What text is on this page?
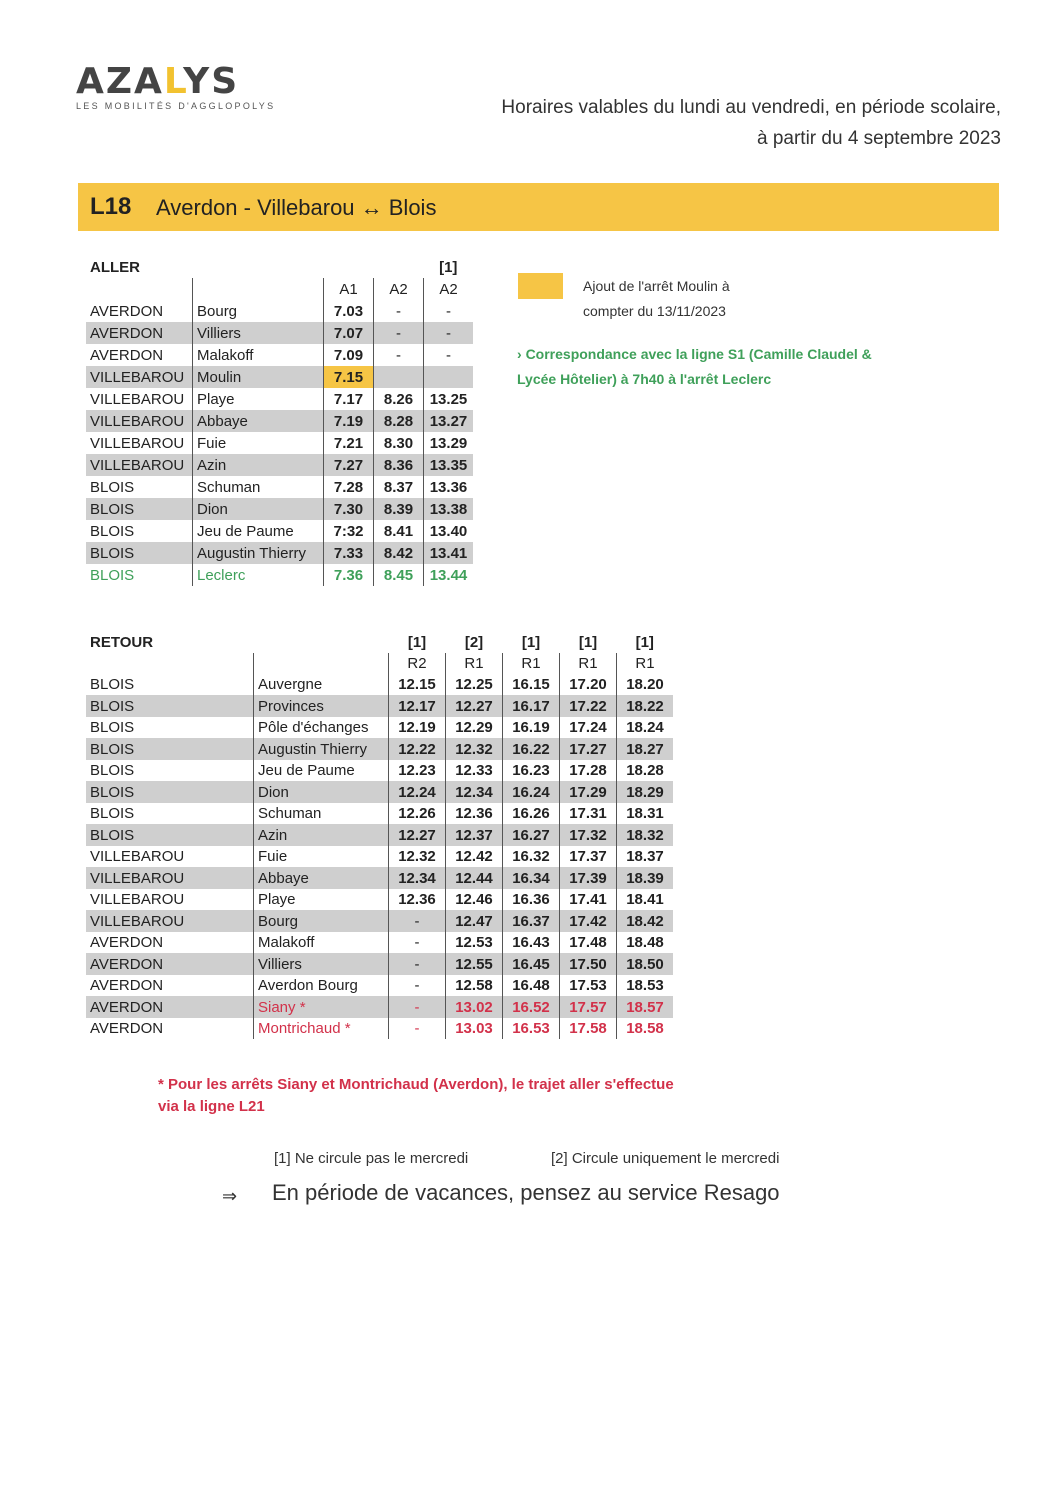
AZALYS
LES MOBILITÉS D'AGGLOPOLYS	Horaires valables du lundi au vendredi, en période scolaire,
à partir du 4 septembre 2023
L18 Averdon - Villebarou ↔ Blois
ALLER				[1]
		A1	A2	A2
AVERDON	Bourg	7.03	-	-
AVERDON	Villiers	7.07	-	-
AVERDON	Malakoff	7.09	-	-
VILLEBAROU	Moulin	7.15		
VILLEBAROU	Playe	7.17	8.26	13.25
VILLEBAROU	Abbaye	7.19	8.28	13.27
VILLEBAROU	Fuie	7.21	8.30	13.29
VILLEBAROU	Azin	7.27	8.36	13.35
BLOIS	Schuman	7.28	8.37	13.36
BLOIS	Dion	7.30	8.39	13.38
BLOIS	Jeu de Paume	7:32	8.41	13.40
BLOIS	Augustin Thierry	7.33	8.42	13.41
BLOIS	Leclerc	7.36	8.45	13.44
Ajout de l'arrêt Moulin à compter du 13/11/2023
› Correspondance avec la ligne S1 (Camille Claudel & Lycée Hôtelier) à 7h40 à l'arrêt Leclerc
RETOUR		[1]	[2]	[1]	[1]	[1]
		R2	R1	R1	R1	R1
BLOIS	Auvergne	12.15	12.25	16.15	17.20	18.20
BLOIS	Provinces	12.17	12.27	16.17	17.22	18.22
BLOIS	Pôle d'échanges	12.19	12.29	16.19	17.24	18.24
BLOIS	Augustin Thierry	12.22	12.32	16.22	17.27	18.27
BLOIS	Jeu de Paume	12.23	12.33	16.23	17.28	18.28
BLOIS	Dion	12.24	12.34	16.24	17.29	18.29
BLOIS	Schuman	12.26	12.36	16.26	17.31	18.31
BLOIS	Azin	12.27	12.37	16.27	17.32	18.32
VILLEBAROU	Fuie	12.32	12.42	16.32	17.37	18.37
VILLEBAROU	Abbaye	12.34	12.44	16.34	17.39	18.39
VILLEBAROU	Playe	12.36	12.46	16.36	17.41	18.41
VILLEBAROU	Bourg	-	12.47	16.37	17.42	18.42
AVERDON	Malakoff	-	12.53	16.43	17.48	18.48
AVERDON	Villiers	-	12.55	16.45	17.50	18.50
AVERDON	Averdon Bourg	-	12.58	16.48	17.53	18.53
AVERDON	Siany *	-	13.02	16.52	17.57	18.57
AVERDON	Montrichaud *	-	13.03	16.53	17.58	18.58
* Pour les arrêts Siany et Montrichaud (Averdon), le trajet aller s'effectue via la ligne L21
[1] Ne circule pas le mercredi	[2] Circule uniquement le mercredi
⇒ En période de vacances, pensez au service Resago
